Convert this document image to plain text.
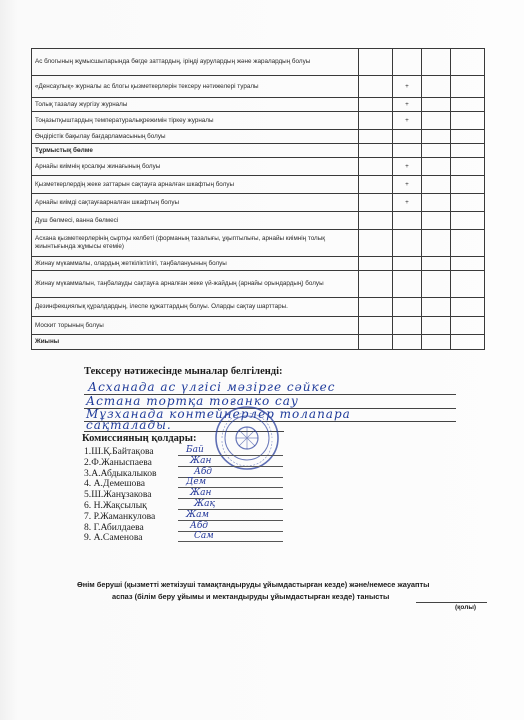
Ас блогының жұмысшыларында бөгде заттардың, іріңді аурулардың және жаралардың болуы				
«Денсаулық» журналы ас блогы қызметкерлерін тексеру нәтижелері туралы		+		
Толық тазалау жүргізу журналы		+		
Тоңазытқыштардың температуралықрежимін тіркеу журналы		+		
Өндірістік бақылау бағдарламасының болуы				
Тұрмыстық бөлме				
Арнайы киімнің қосалқы жинағының болуы		+		
Қызметкерлердің жеке заттарын сақтауға арналған шкафтың болуы		+		
Арнайы киімді сақтауғаарналған шкафтың болуы		+		
Душ бөлмесі, ванна бөлмесі				
Асхана қызметкерлерінің сыртқы келбеті (форманың тазалығы, ұқыптылығы, арнайы киімнің толық жиынтығында жұмысы етеміе)				
Жинау мүкаммалы, олардың жеткіліктілігі, таңбалануының болуы				
Жинау мүкаммалын, таңбалауды сақтауға арналған жеке үй-жайдың (арнайы орындардың) болуы				
Дезинфекциялық құралдардың, ілеспе құжаттардың болуы. Оларды сақтау шарттары.				
Москит торының болуы				
Жиыны				
Тексеру нәтижесінде мыналар белгіленді:
Асханада ас үлгісі мәзірге сәйкес
Астана тортқа тоғанко сау
Мұзханада контейнерлер толапара
сақталады.
Комиссияның қолдары:
1.Ш.Қ.Байтақова	Бай
2.Ф.Жаныспаева	Жан
3.А.Абдыкалыков	Абд
4. А.Демешова	Дем
5.Ш.Жанұзакова	Жан
6. Н.Жақсылық	Жақ
7. Р.Жаманкулова	Жам
8. Г.Абилдаева	Абд
9. А.Саменова	Сам
Өнім беруші (қызметті жеткізуші тамақтандыруды ұйымдастырған кезде) және/немесе жауапты
аспаз (білім беру ұйымы и мектандыруды ұйымдастырған кезде) танысты
(қолы)
